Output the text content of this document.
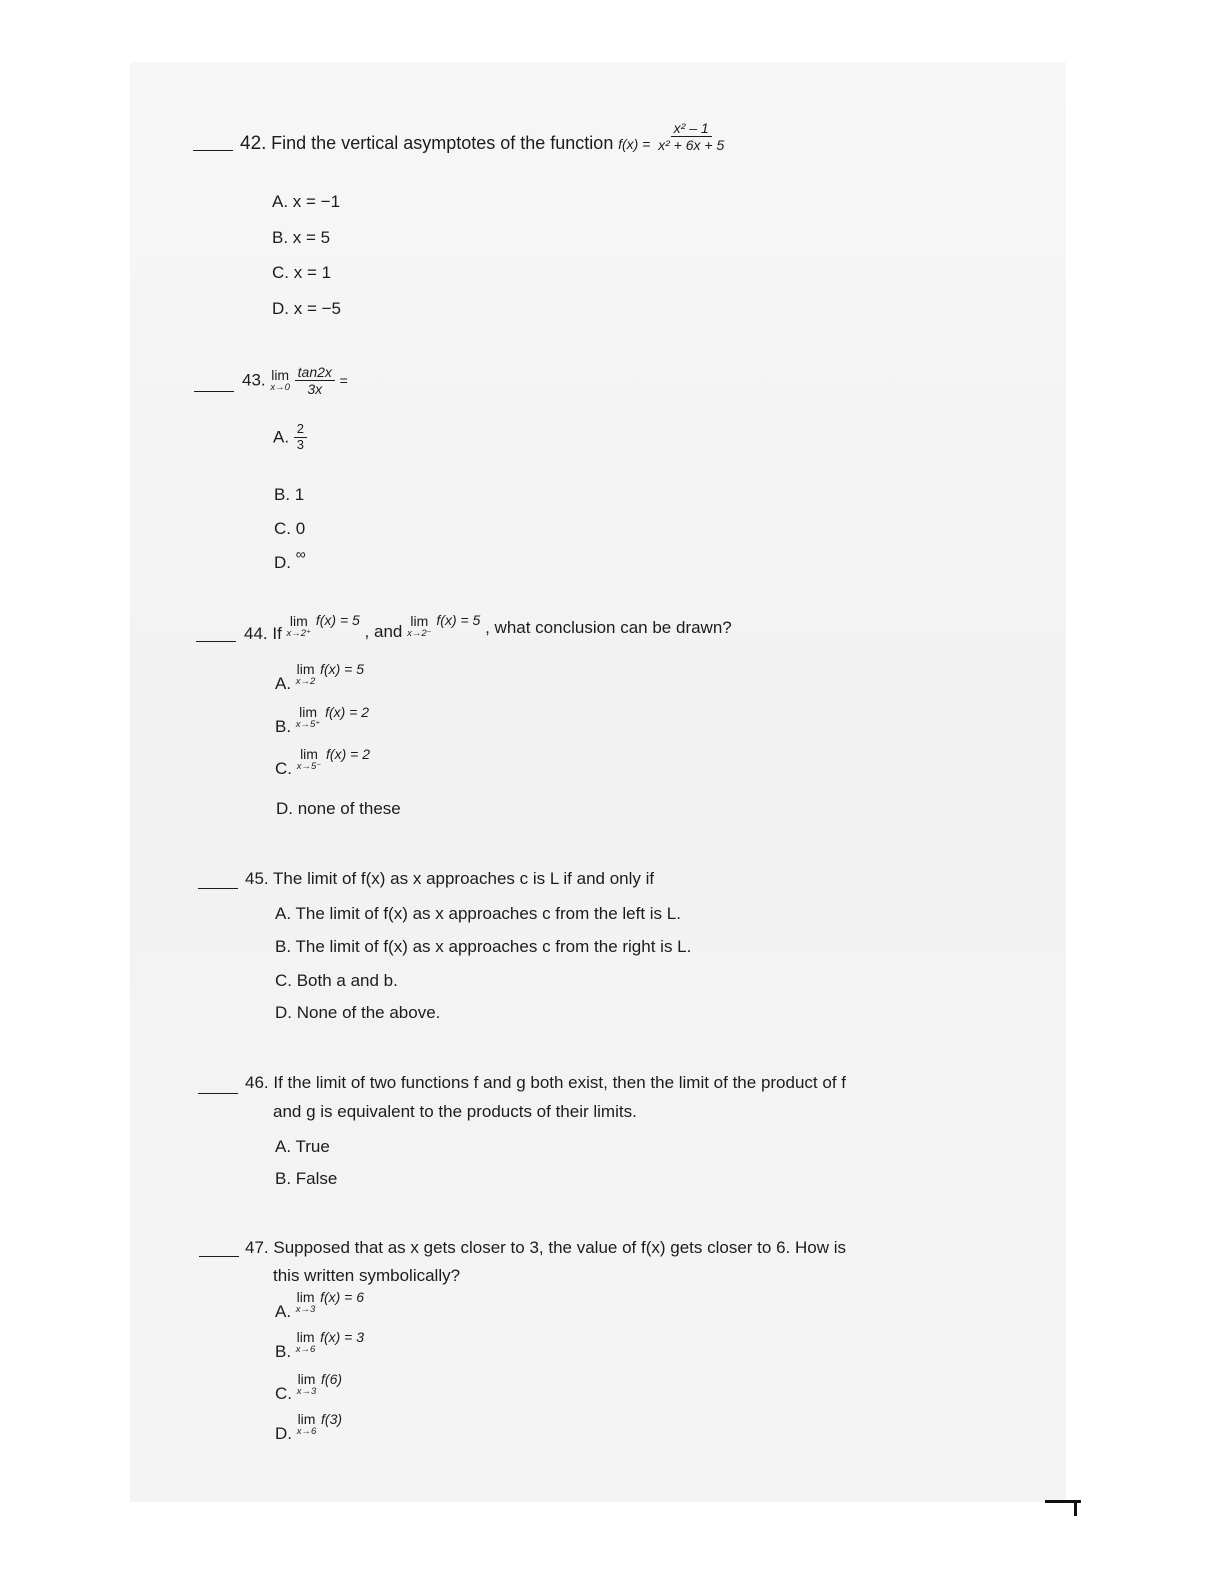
42. Find the vertical asymptotes of the function $f(x) = \frac{\text{x² – 1}}{\text{x² + 6x + 5}}$
A. x = −1
B. x = 5
C. x = 1
D. x = −5
43. lim
x→0
$\frac{\tan 2x}{3x}$ =
A. $\frac{2}{3}$
B. 1
C. 0
D. ∞
44. If
lim
x→2⁺
$^{f(x) = 5}$ , and
lim
x→2⁻
$^{f(x) = 5}$ , what conclusion can be drawn?
A.
lim
x→2
$^{f(x) = 5}$
B.
lim
x→5⁺
$^{f(x) = 2}$
C.
lim
x→5⁻
$^{f(x) = 2}$
D. none of these
45. The limit of f(x) as x approaches c is L if and only if
A. The limit of f(x) as x approaches c from the left is L.
B. The limit of f(x) as x approaches c from the right is L.
C. Both a and b.
D. None of the above.
46. If the limit of two functions f and g both exist, then the limit of the product of f
and g is equivalent to the products of their limits.
A. True
B. False
47. Supposed that as x gets closer to 3, the value of f(x) gets closer to 6. How is
this written symbolically?
A.
lim
x→3
$^{f(x) = 6}$
B.
lim
x→6
$^{f(x) = 3}$
C.
lim
x→3
$^{f(6)}$
D.
lim
x→6
$^{f(3)}$
